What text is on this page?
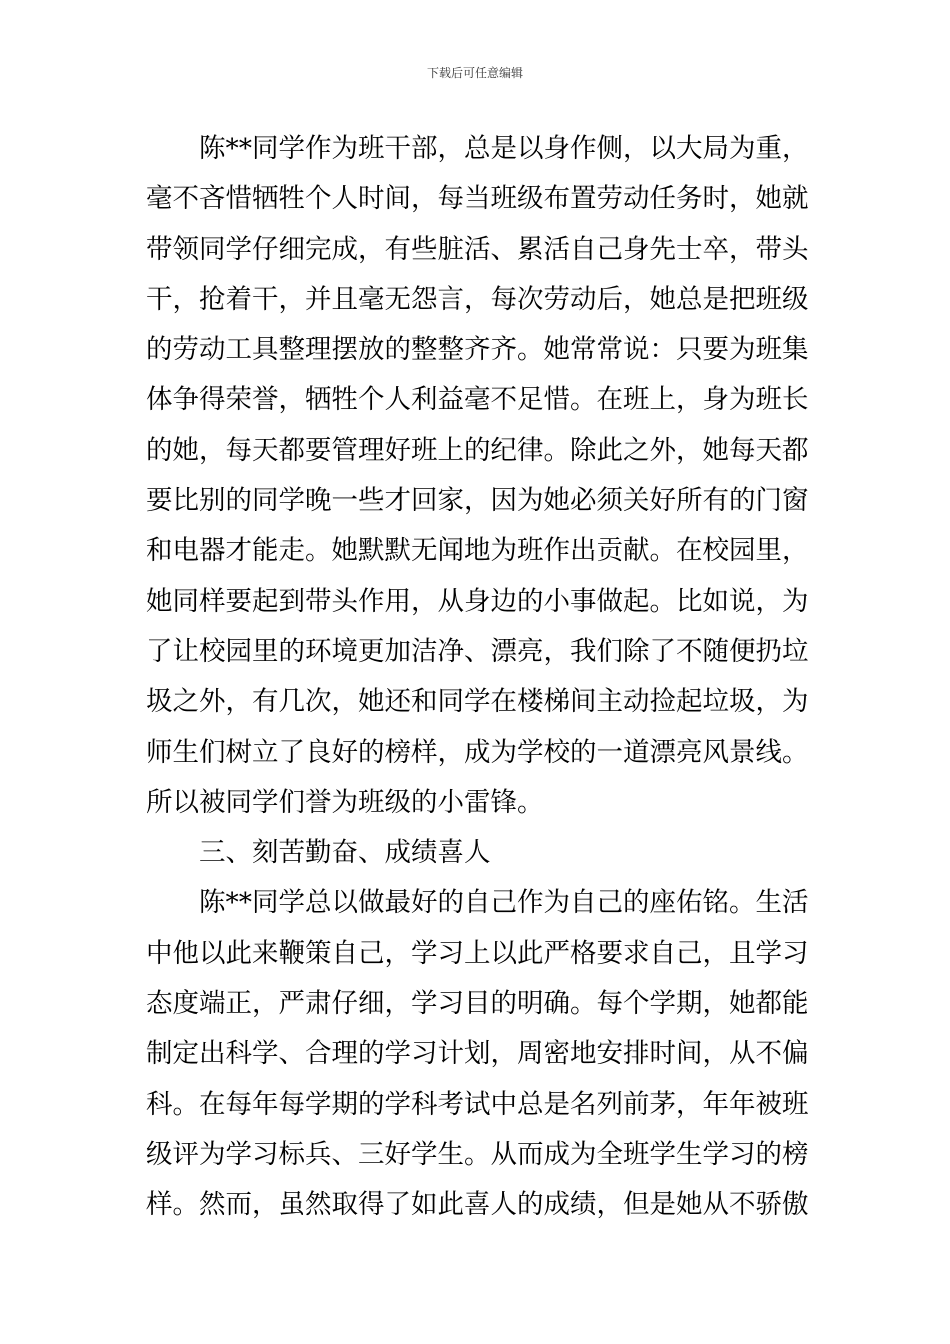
下载后可任意编辑
陈**同学作为班干部，总是以身作侧，以大局为重，
毫不吝惜牺牲个人时间，每当班级布置劳动任务时，她就
带领同学仔细完成，有些脏活、累活自己身先士卒，带头
干，抢着干，并且毫无怨言，每次劳动后，她总是把班级
的劳动工具整理摆放的整整齐齐。她常常说：只要为班集
体争得荣誉，牺牲个人利益毫不足惜。在班上，身为班长
的她，每天都要管理好班上的纪律。除此之外，她每天都
要比别的同学晚一些才回家，因为她必须关好所有的门窗
和电器才能走。她默默无闻地为班作出贡献。在校园里，
她同样要起到带头作用，从身边的小事做起。比如说，为
了让校园里的环境更加洁净、漂亮，我们除了不随便扔垃
圾之外，有几次，她还和同学在楼梯间主动捡起垃圾，为
师生们树立了良好的榜样，成为学校的一道漂亮风景线。
所以被同学们誉为班级的小雷锋。
三、刻苦勤奋、成绩喜人
陈**同学总以做最好的自己作为自己的座佑铭。生活
中他以此来鞭策自己，学习上以此严格要求自己，且学习
态度端正，严肃仔细，学习目的明确。每个学期，她都能
制定出科学、合理的学习计划，周密地安排时间，从不偏
科。在每年每学期的学科考试中总是名列前茅，年年被班
级评为学习标兵、三好学生。从而成为全班学生学习的榜
样。然而，虽然取得了如此喜人的成绩，但是她从不骄傲
